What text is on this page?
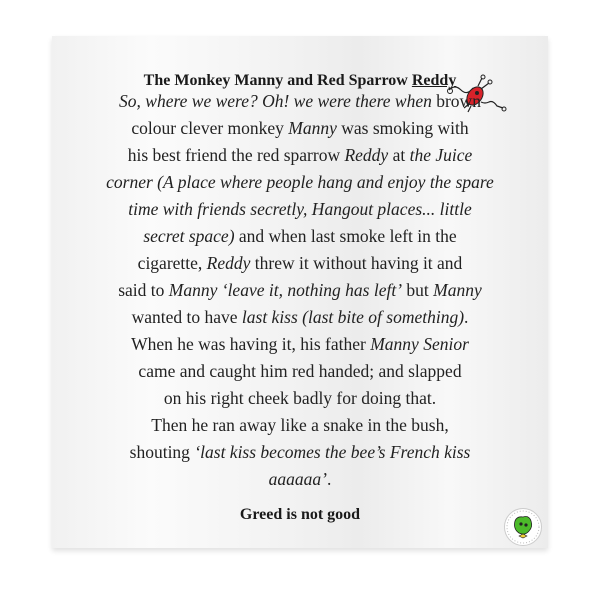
The Monkey Manny and Red Sparrow Reddy
So, where we were? Oh! we were there when brown
colour clever monkey Manny was smoking with
his best friend the red sparrow Reddy at the Juice
corner (A place where people hang and enjoy the spare
time with friends secretly, Hangout places... little
secret space) and when last smoke left in the
cigarette, Reddy threw it without having it and
said to Manny ‘leave it, nothing has left’ but Manny
wanted to have last kiss (last bite of something).
When he was having it, his father Manny Senior
came and caught him red handed; and slapped
on his right cheek badly for doing that.
Then he ran away like a snake in the bush,
shouting ‘last kiss becomes the bee’s French kiss
aaaaaa’.
Greed is not good
